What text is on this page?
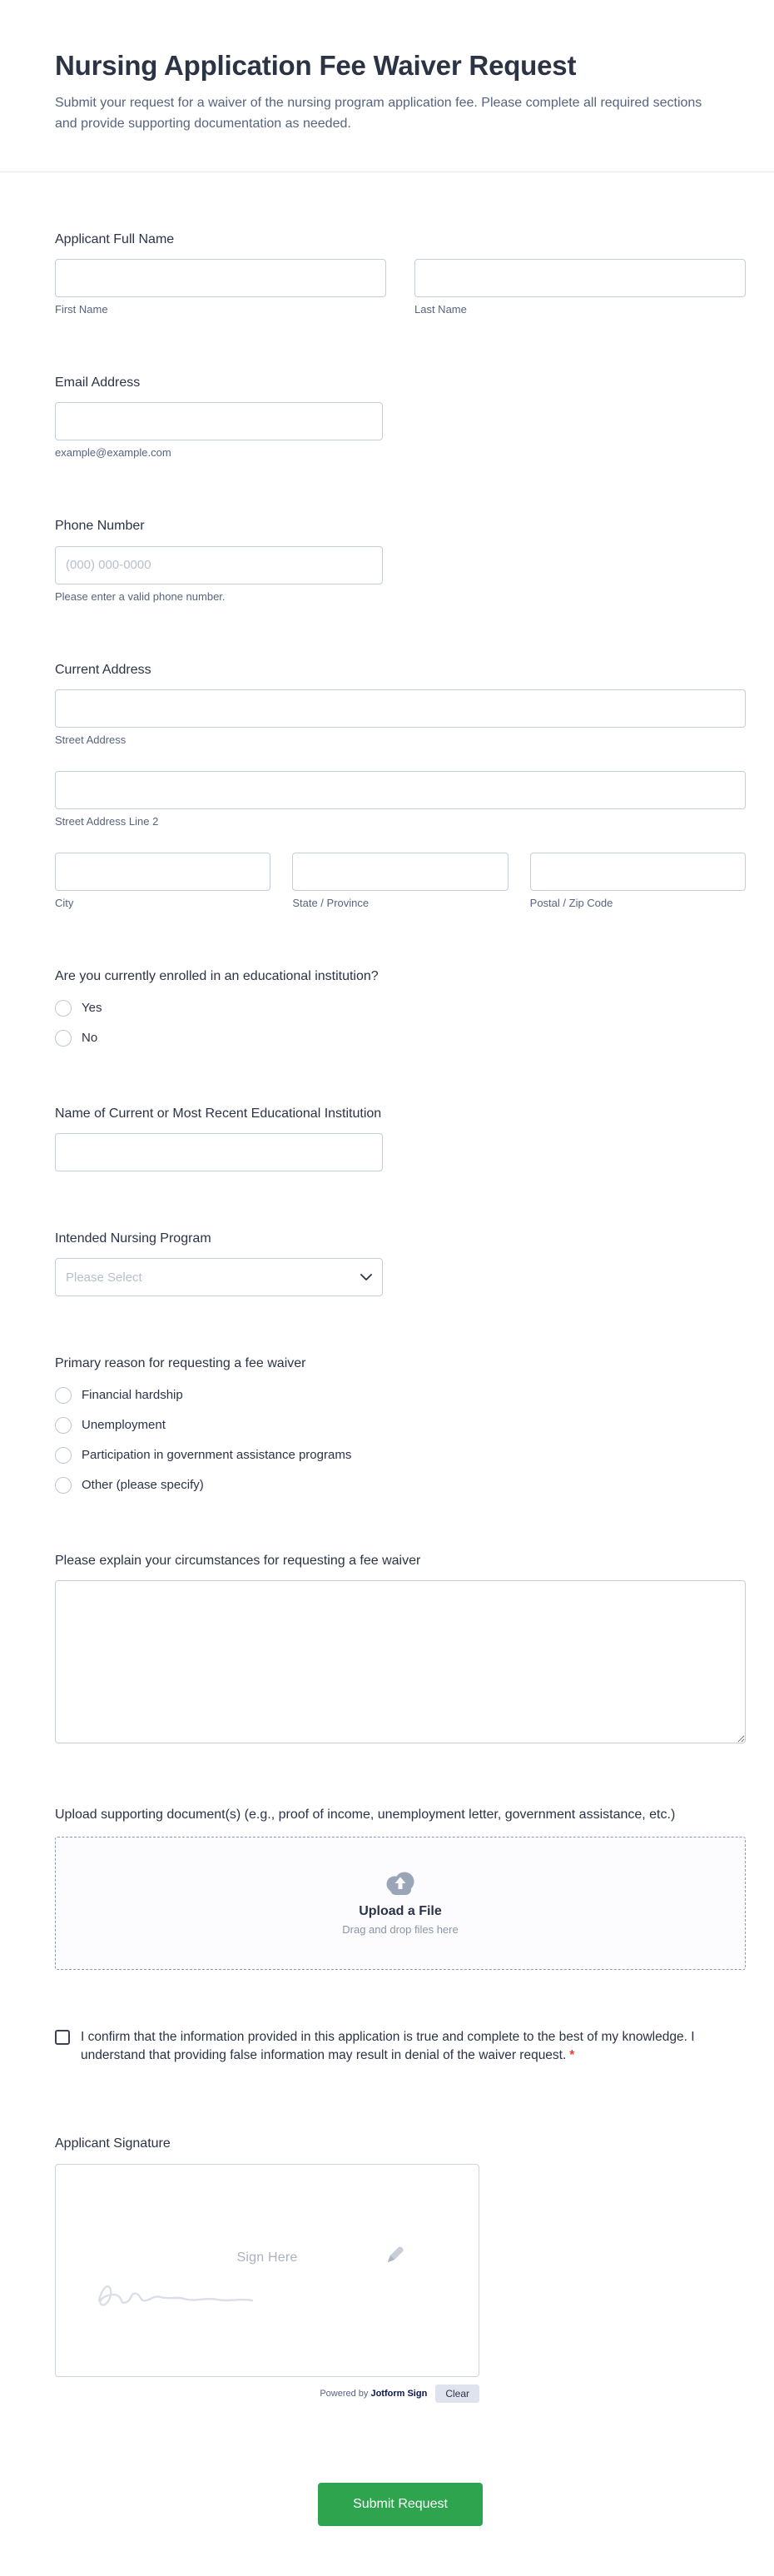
Nursing Application Fee Waiver Request

Submit your request for a waiver of the nursing program application fee. Please complete all required sections and provide supporting documentation as needed.

Applicant Full Name
First Name	Last Name
Email Address
example@example.com
Phone Number
(000) 000-0000
Please enter a valid phone number.
Current Address
Street Address
Street Address Line 2
City	State / Province	Postal / Zip Code
Are you currently enrolled in an educational institution?
Yes
No
Name of Current or Most Recent Educational Institution
Intended Nursing Program
Please Select
Primary reason for requesting a fee waiver
Financial hardship
Unemployment
Participation in government assistance programs
Other (please specify)
Please explain your circumstances for requesting a fee waiver
Upload supporting document(s) (e.g., proof of income, unemployment letter, government assistance, etc.)
Upload a File
Drag and drop files here

I confirm that the information provided in this application is true and complete to the best of my knowledge. I understand that providing false information may result in denial of the waiver request. *

Applicant Signature
Sign Here
Powered by Jotform Sign	Clear
Submit Request
